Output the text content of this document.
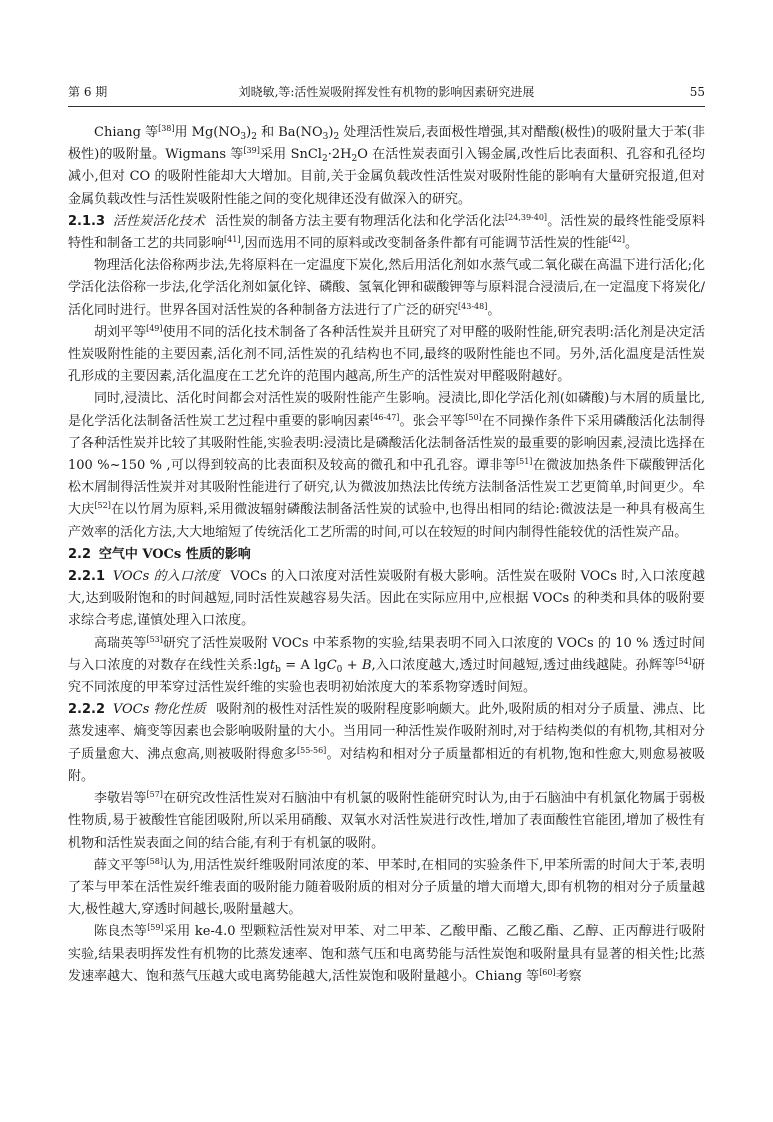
第 6 期	刘晓敏,等:活性炭吸附挥发性有机物的影响因素研究进展	55

Chiang 等[38]用 $Mg(NO_3)_2$ 和 $Ba(NO_3)_2$ 处理活性炭后,表面极性增强,其对醋酸(极性)的吸附量大于苯(非极性)的吸附量。Wigmans 等[39]采用 $SnCl_2\cdot 2H_2O$ 在活性炭表面引入锡金属,改性后比表面积、孔容和孔径均减小,但对 CO 的吸附性能却大大增加。目前,关于金属负载改性活性炭对吸附性能的影响有大量研究报道,但对金属负载改性与活性炭吸附性能之间的变化规律还没有做深入的研究。

2.1.3 活性炭活化技术 活性炭的制备方法主要有物理活化法和化学活化法[24,39-40]。活性炭的最终性能受原料特性和制备工艺的共同影响[41],因而选用不同的原料或改变制备条件都有可能调节活性炭的性能[42]。

物理活化法俗称两步法,先将原料在一定温度下炭化,然后用活化剂如水蒸气或二氧化碳在高温下进行活化;化学活化法俗称一步法,化学活化剂如氯化锌、磷酸、氢氧化钾和碳酸钾等与原料混合浸渍后,在一定温度下将炭化/活化同时进行。世界各国对活性炭的各种制备方法进行了广泛的研究[43-48]。

胡刘平等[49]使用不同的活化技术制备了各种活性炭并且研究了对甲醛的吸附性能,研究表明:活化剂是决定活性炭吸附性能的主要因素,活化剂不同,活性炭的孔结构也不同,最终的吸附性能也不同。另外,活化温度是活性炭孔形成的主要因素,活化温度在工艺允许的范围内越高,所生产的活性炭对甲醛吸附越好。

同时,浸渍比、活化时间都会对活性炭的吸附性能产生影响。浸渍比,即化学活化剂(如磷酸)与木屑的质量比,是化学活化法制备活性炭工艺过程中重要的影响因素[46-47]。张会平等[50]在不同操作条件下采用磷酸活化法制得了各种活性炭并比较了其吸附性能,实验表明:浸渍比是磷酸活化法制备活性炭的最重要的影响因素,浸渍比选择在 100 %~150 % ,可以得到较高的比表面积及较高的微孔和中孔孔容。谭非等[51]在微波加热条件下碳酸钾活化松木屑制得活性炭并对其吸附性能进行了研究,认为微波加热法比传统方法制备活性炭工艺更简单,时间更少。牟大庆[52]在以竹屑为原料,采用微波辐射磷酸法制备活性炭的试验中,也得出相同的结论:微波法是一种具有极高生产效率的活化方法,大大地缩短了传统活化工艺所需的时间,可以在较短的时间内制得性能较优的活性炭产品。

2.2 空气中 VOCs 性质的影响

2.2.1 VOCs 的入口浓度 VOCs 的入口浓度对活性炭吸附有极大影响。活性炭在吸附 VOCs 时,入口浓度越大,达到吸附饱和的时间越短,同时活性炭越容易失活。因此在实际应用中,应根据 VOCs 的种类和具体的吸附要求综合考虑,谨慎处理入口浓度。

高瑞英等[53]研究了活性炭吸附 VOCs 中苯系物的实验,结果表明不同入口浓度的 VOCs 的 10 % 透过时间与入口浓度的对数存在线性关系:lgt$_b$ = A lgC$_0$ + B,入口浓度越大,透过时间越短,透过曲线越陡。孙辉等[54]研究不同浓度的甲苯穿过活性炭纤维的实验也表明初始浓度大的苯系物穿透时间短。

2.2.2 VOCs 物化性质 吸附剂的极性对活性炭的吸附程度影响颇大。此外,吸附质的相对分子质量、沸点、比蒸发速率、熵变等因素也会影响吸附量的大小。当用同一种活性炭作吸附剂时,对于结构类似的有机物,其相对分子质量愈大、沸点愈高,则被吸附得愈多[55-56]。对结构和相对分子质量都相近的有机物,饱和性愈大,则愈易被吸附。

李敬岩等[57]在研究改性活性炭对石脑油中有机氯的吸附性能研究时认为,由于石脑油中有机氯化物属于弱极性物质,易于被酸性官能团吸附,所以采用硝酸、双氧水对活性炭进行改性,增加了表面酸性官能团,增加了极性有机物和活性炭表面之间的结合能,有利于有机氯的吸附。

薛文平等[58]认为,用活性炭纤维吸附同浓度的苯、甲苯时,在相同的实验条件下,甲苯所需的时间大于苯,表明了苯与甲苯在活性炭纤维表面的吸附能力随着吸附质的相对分子质量的增大而增大,即有机物的相对分子质量越大,极性越大,穿透时间越长,吸附量越大。

陈良杰等[59]采用 ke-4.0 型颗粒活性炭对甲苯、对二甲苯、乙酸甲酯、乙酸乙酯、乙醇、正丙醇进行吸附实验,结果表明挥发性有机物的比蒸发速率、饱和蒸气压和电离势能与活性炭饱和吸附量具有显著的相关性;比蒸发速率越大、饱和蒸气压越大或电离势能越大,活性炭饱和吸附量越小。Chiang 等[60]考察
